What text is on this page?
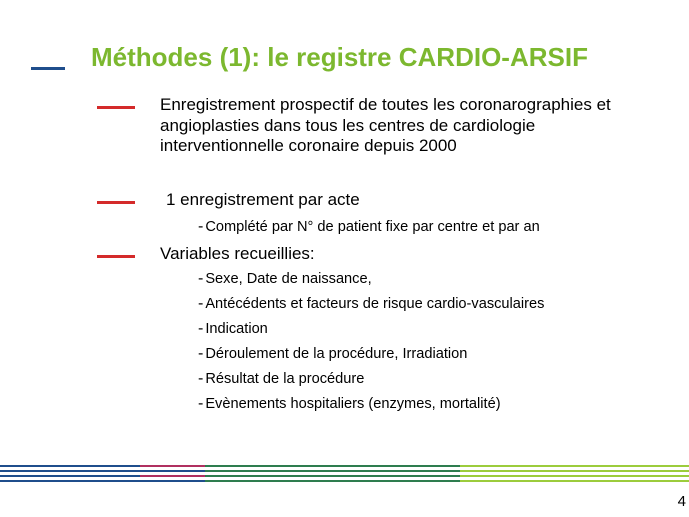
Méthodes (1): le registre CARDIO-ARSIF
Enregistrement prospectif de toutes les coronarographies et angioplasties dans tous les centres de cardiologie interventionnelle coronaire depuis 2000
1 enregistrement par acte
- Complété par N° de patient fixe par centre et par an
Variables recueillies:
- Sexe, Date de naissance,
- Antécédents et facteurs de risque cardio-vasculaires
- Indication
- Déroulement de la procédure, Irradiation
- Résultat de la procédure
- Evènements hospitaliers (enzymes, mortalité)
4
